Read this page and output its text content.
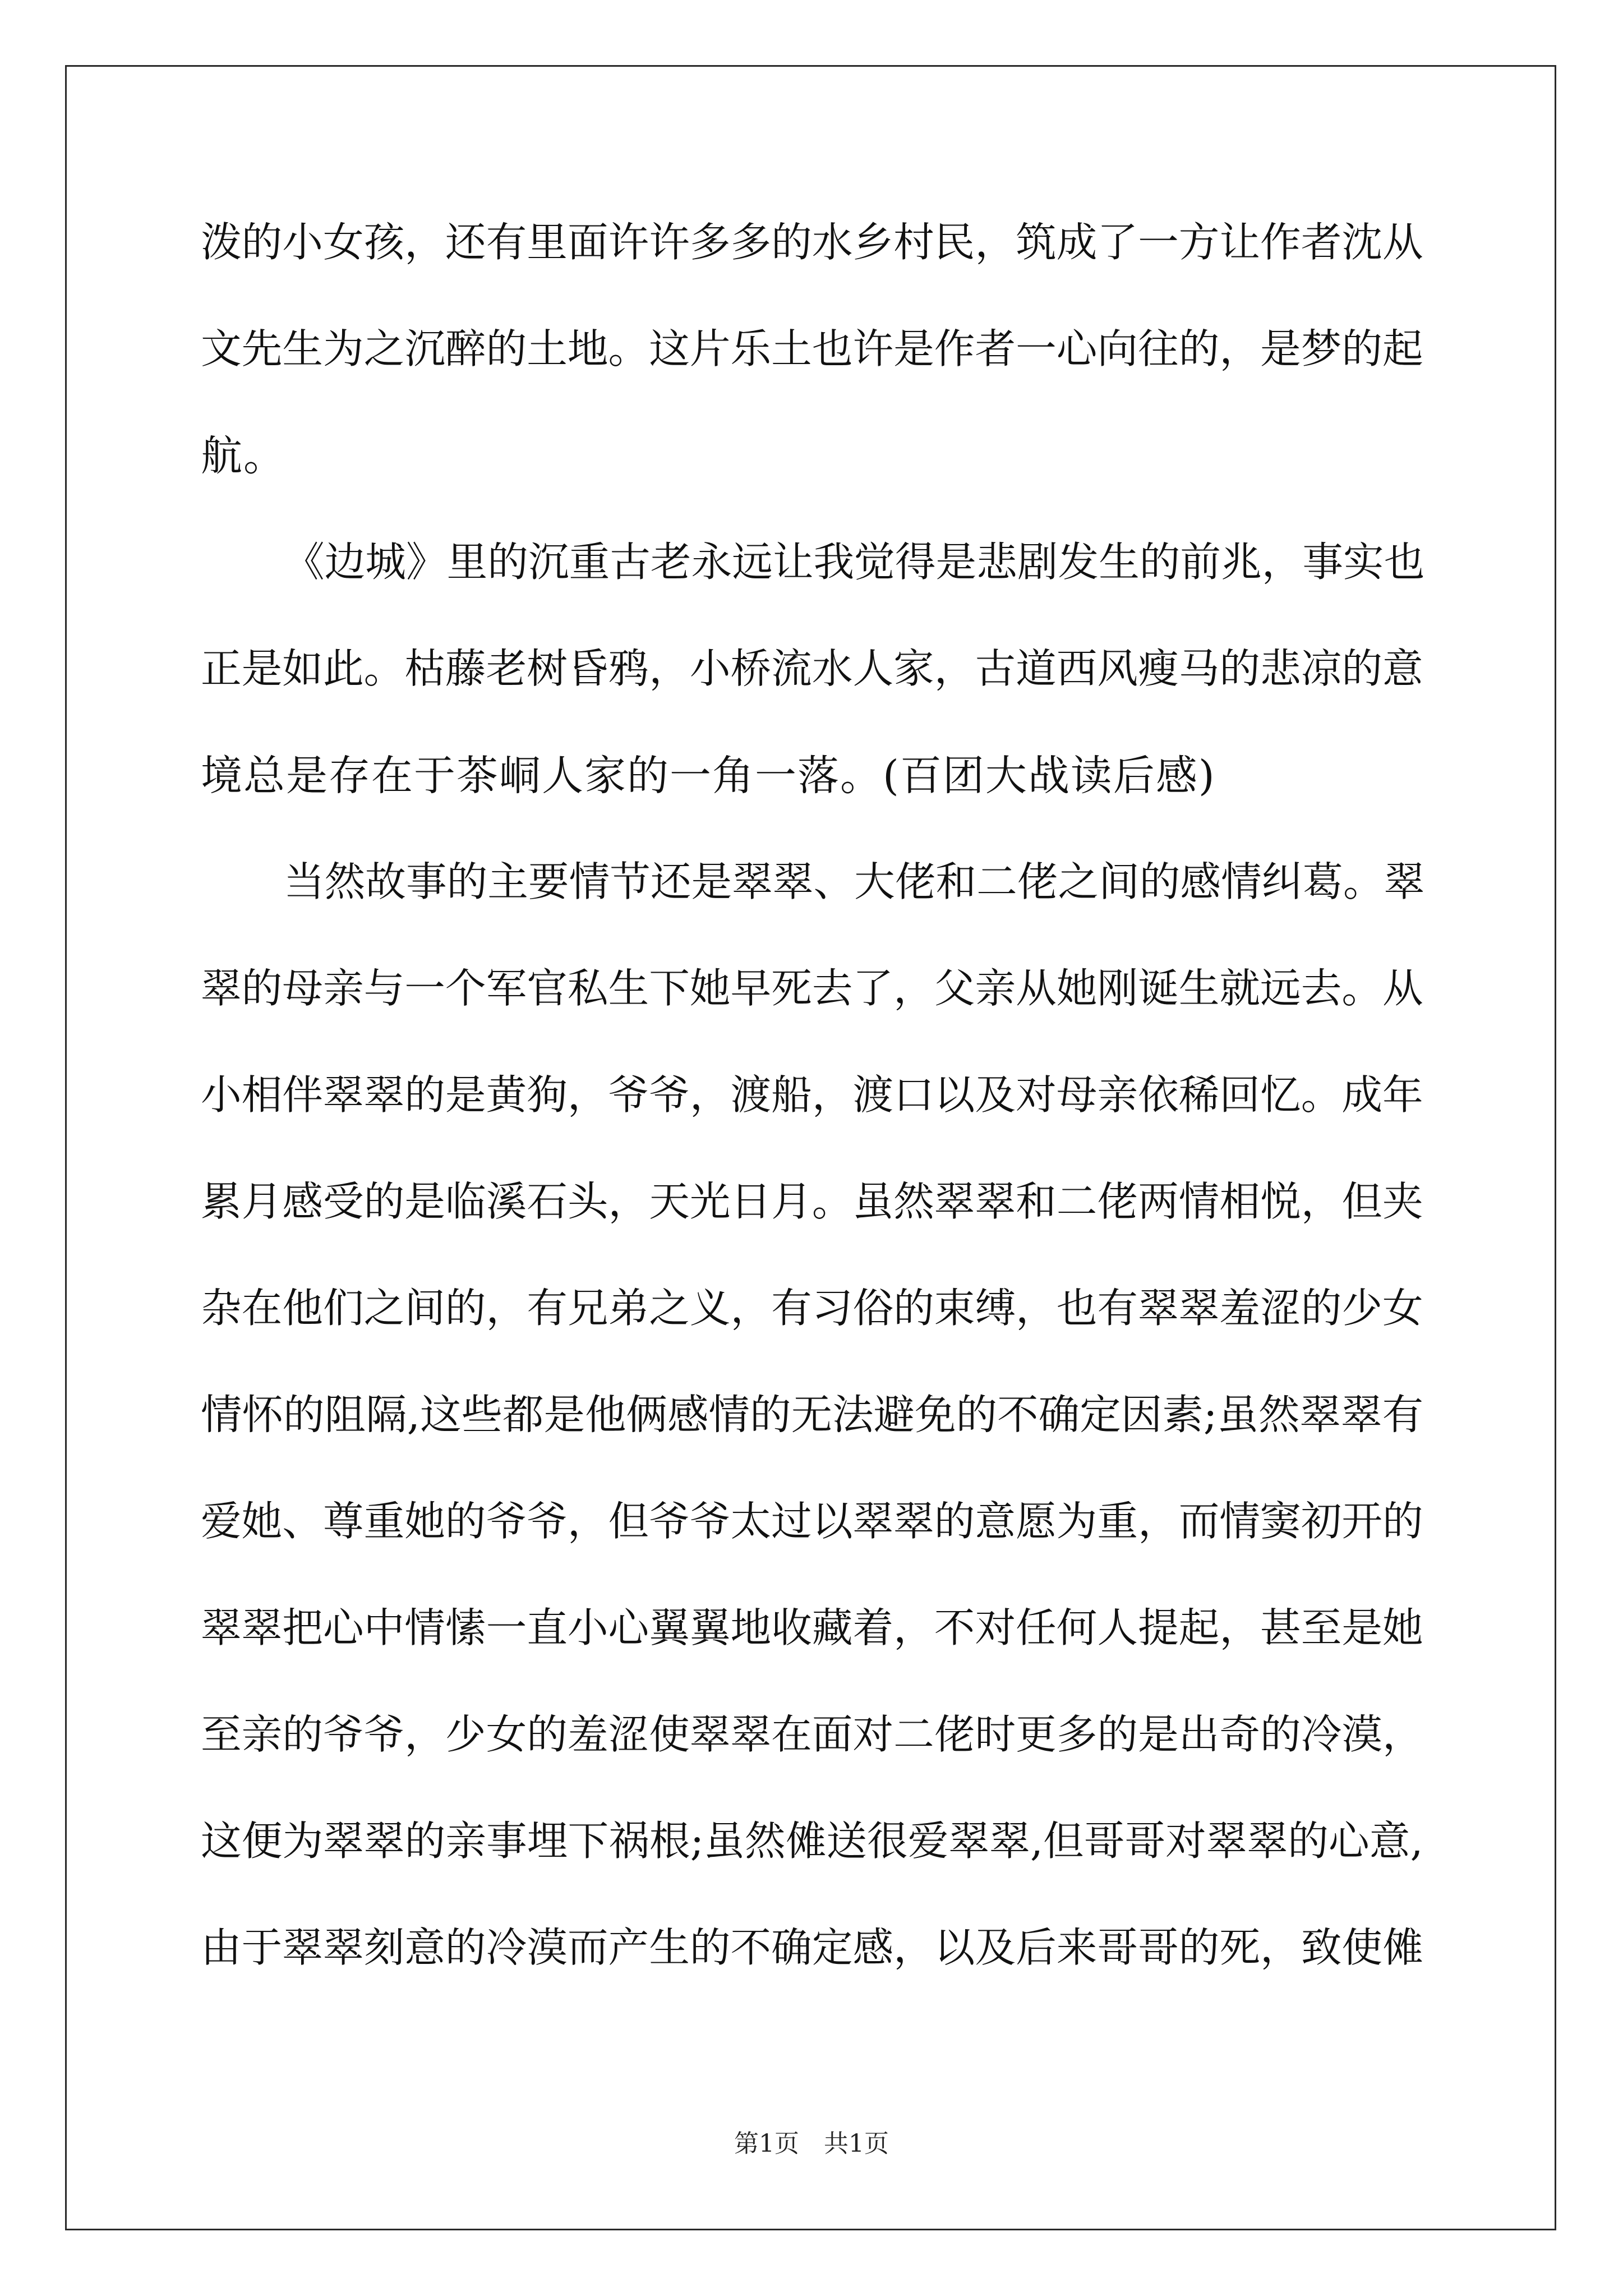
泼的小女孩，还有里面许许多多的水乡村民，筑成了一方让作者沈从
文先生为之沉醉的土地。这片乐土也许是作者一心向往的，是梦的起
航。
《边城》里的沉重古老永远让我觉得是悲剧发生的前兆，事实也
正是如此。枯藤老树昏鸦，小桥流水人家，古道西风瘦马的悲凉的意
境总是存在于茶峒人家的一角一落。(百团大战读后感)
当然故事的主要情节还是翠翠、大佬和二佬之间的感情纠葛。翠
翠的母亲与一个军官私生下她早死去了，父亲从她刚诞生就远去。从
小相伴翠翠的是黄狗，爷爷，渡船，渡口以及对母亲依稀回忆。成年
累月感受的是临溪石头，天光日月。虽然翠翠和二佬两情相悦，但夹
杂在他们之间的，有兄弟之义，有习俗的束缚，也有翠翠羞涩的少女
情怀的阻隔,这些都是他俩感情的无法避免的不确定因素;虽然翠翠有
爱她、尊重她的爷爷，但爷爷太过以翠翠的意愿为重，而情窦初开的
翠翠把心中情愫一直小心翼翼地收藏着，不对任何人提起，甚至是她
至亲的爷爷，少女的羞涩使翠翠在面对二佬时更多的是出奇的冷漠，
这便为翠翠的亲事埋下祸根;虽然傩送很爱翠翠,但哥哥对翠翠的心意,
由于翠翠刻意的冷漠而产生的不确定感，以及后来哥哥的死，致使傩
第1页　共1页
